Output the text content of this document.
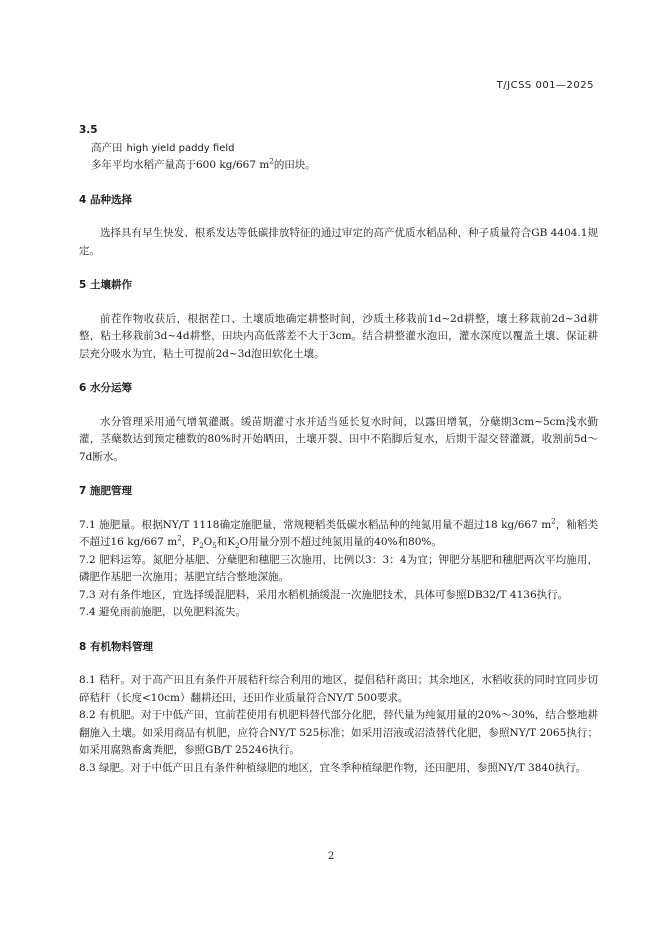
T/JCSS 001—2025
3.5
高产田 high yield paddy field
多年平均水稻产量高于600 kg/667 $m^2$的田块。
4 品种选择

选择具有早生快发、根系发达等低碳排放特征的通过审定的高产优质水稻品种，种子质量符合GB 4404.1规定。

5 土壤耕作

前茬作物收获后，根据茬口、土壤质地确定耕整时间，沙质土移栽前1d~2d耕整，壤土移栽前2d~3d耕整，粘土移栽前3d~4d耕整，田块内高低落差不大于3cm。结合耕整灌水泡田，灌水深度以覆盖土壤、保证耕层充分吸水为宜，粘土可提前2d~3d泡田软化土壤。

6 水分运筹

水分管理采用通气增氧灌溉。缓苗期灌寸水并适当延长复水时间，以露田增氧，分蘖期3cm~5cm浅水勤灌，茎蘖数达到预定穗数的80%时开始晒田，土壤开裂、田中不陷脚后复水，后期干湿交替灌溉，收割前5d～7d断水。

7 施肥管理

7.1 施肥量。根据NY/T 1118确定施肥量，常规粳稻类低碳水稻品种的纯氮用量不超过18 kg/667 $m^2$，籼稻类不超过16 kg/667 $m^2$，$P_2O_5$和$K_2O$用量分别不超过纯氮用量的40%和80%。

7.2 肥料运筹。氮肥分基肥、分蘖肥和穗肥三次施用，比例以3：3：4为宜；钾肥分基肥和穗肥两次平均施用，磷肥作基肥一次施用；基肥宜结合整地深施。

7.3 对有条件地区，宜选择缓混肥料，采用水稻机插缓混一次施肥技术，具体可参照DB32/T 4136执行。

7.4 避免雨前施肥，以免肥料流失。

8 有机物料管理

8.1 秸秆。对于高产田且有条件开展秸秆综合利用的地区，提倡秸秆离田；其余地区，水稻收获的同时宜同步切碎秸秆（长度<10cm）翻耕还田，还田作业质量符合NY/T 500要求。

8.2 有机肥。对于中低产田，宜前茬使用有机肥料替代部分化肥，替代量为纯氮用量的20%～30%，结合整地耕翻施入土壤。如采用商品有机肥，应符合NY/T 525标准；如采用沼液或沼渣替代化肥，参照NY/T 2065执行；如采用腐熟畜禽粪肥，参照GB/T 25246执行。

8.3 绿肥。对于中低产田且有条件种植绿肥的地区，宜冬季种植绿肥作物，还田肥用，参照NY/T 3840执行。

2
